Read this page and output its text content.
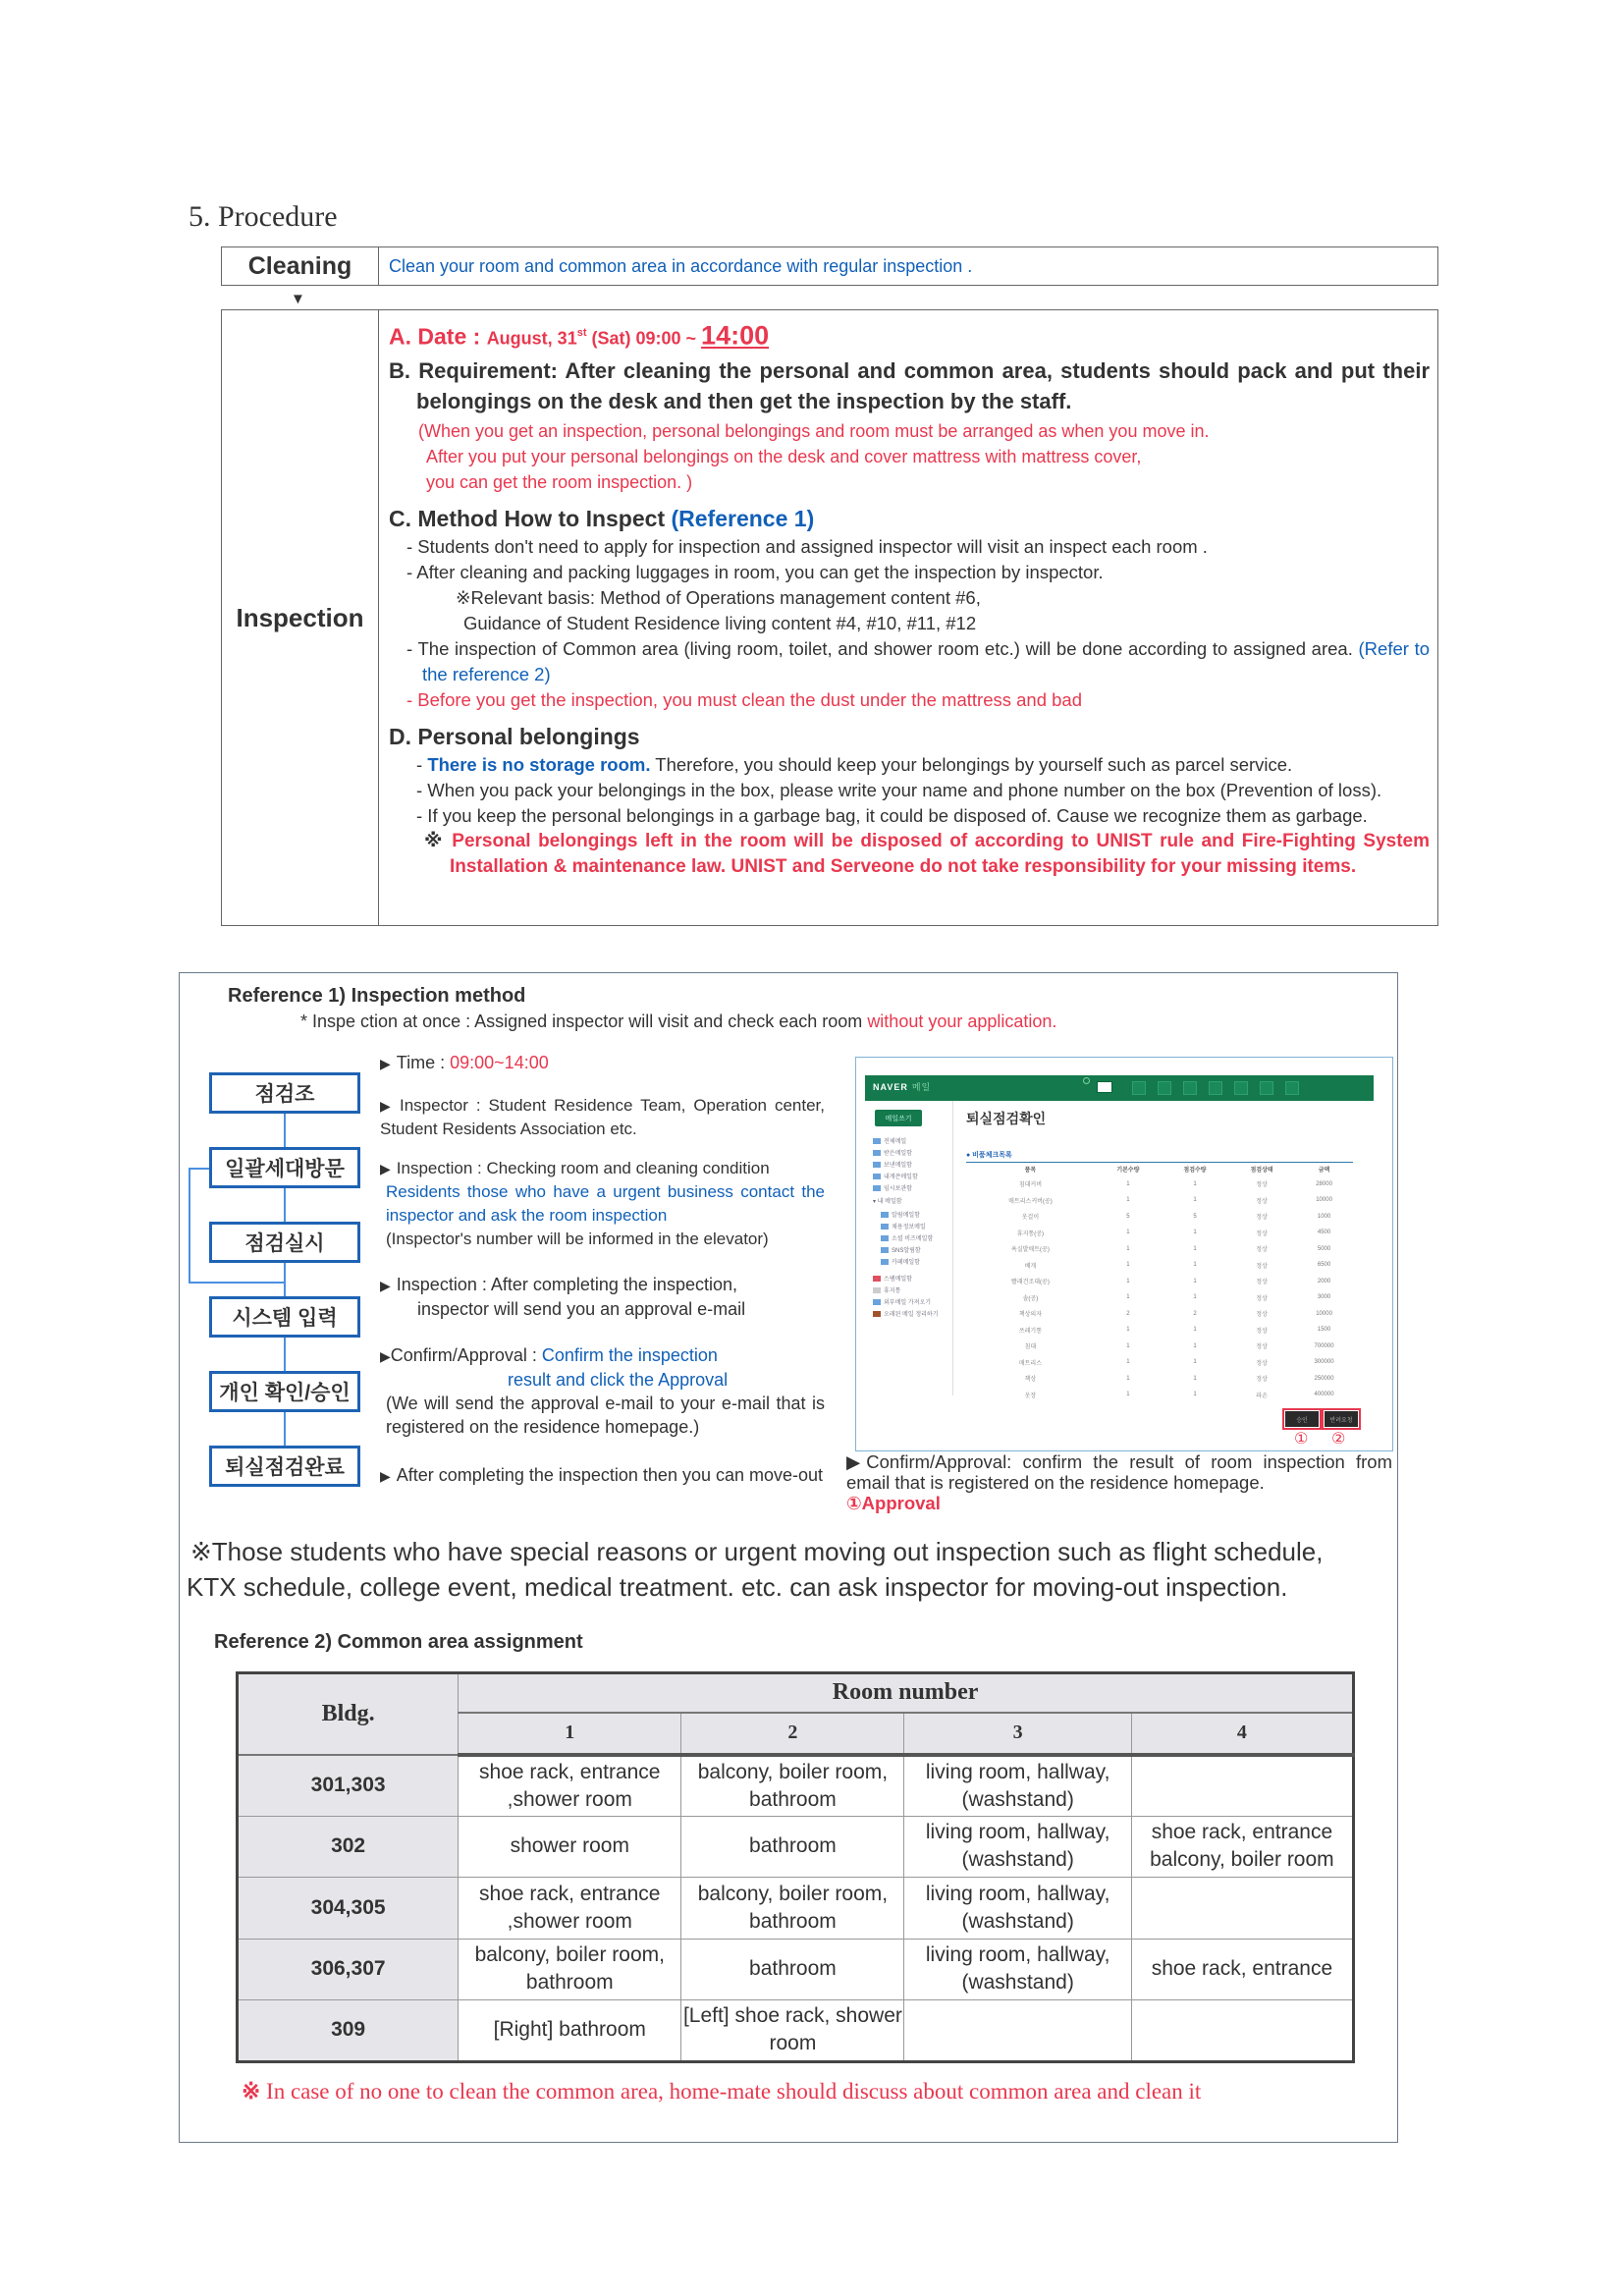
5. Procedure
Cleaning	Clean your room and common area in accordance with regular inspection .
▼
Inspection
A. Date : August, 31st (Sat) 09:00 ~ 14:00
B. Requirement: After cleaning the personal and common area, students should pack and put their belongings on the desk and then get the inspection by the staff.
(When you get an inspection, personal belongings and room must be arranged as when you move in.
After you put your personal belongings on the desk and cover mattress with mattress cover,
you can get the room inspection. )
C. Method How to Inspect (Reference 1)
- Students don't need to apply for inspection and assigned inspector will visit an inspect each room .
- After cleaning and packing luggages in room, you can get the inspection by inspector.
※Relevant basis: Method of Operations management content #6,
Guidance of Student Residence living content #4, #10, #11, #12
- The inspection of Common area (living room, toilet, and shower room etc.) will be done according to assigned area. (Refer to the reference 2)
- Before you get the inspection, you must clean the dust under the mattress and bad
D. Personal belongings
- There is no storage room. Therefore, you should keep your belongings by yourself such as parcel service.
- When you pack your belongings in the box, please write your name and phone number on the box (Prevention of loss).
- If you keep the personal belongings in a garbage bag, it could be disposed of. Cause we recognize them as garbage.
※ Personal belongings left in the room will be disposed of according to UNIST rule and Fire-Fighting System Installation & maintenance law. UNIST and Serveone do not take responsibility for your missing items.
Reference 1) Inspection method
* Inspe ction at once : Assigned inspector will visit and check each room without your application.
점검조
일괄세대방문
점검실시
시스템 입력
개인 확인/승인
퇴실점검완료
▶ Time : 09:00~14:00
▶ Inspector : Student Residence Team, Operation center, Student Residents Association etc.
▶ Inspection : Checking room and cleaning condition
Residents those who have a urgent business contact the inspector and ask the room inspection
(Inspector's number will be informed in the elevator)
▶ Inspection : After completing the inspection,
inspector will send you an approval e-mail
▶Confirm/Approval : Confirm the inspection
result and click the Approval
(We will send the approval e-mail to your e-mail that is registered on the residence homepage.)
▶ After completing the inspection then you can move-out
NAVER 메일
메일쓰기
전체메일
받은메일함
보낸메일함
내게쓴메일함
임시보관함
▾ 내 메일함
알림메일함
채용정보메일
소셜 비즈메일함
SNS알림함
카페메일함
스팸메일함
휴지통
외부메일 가져오기
오래된 메일 정리하기
퇴실점검확인
● 비품체크목록
품목	기본수량	점검수량	점검상태	금액
침대커버	1	1	정상	28000
매트리스커버(공)	1	1	정상	10000
옷걸이	5	5	정상	1000
휴지통(공)	1	1	정상	4500
욕실발매트(공)	1	1	정상	5000
베개	1	1	정상	6500
빨래건조대(공)	1	1	정상	2000
솔(공)	1	1	정상	3000
책상의자	2	2	정상	10000
쓰레기통	1	1	정상	1500
침대	1	1	정상	700000
매트리스	1	1	정상	300000
책상	1	1	정상	250000
옷장	1	1	파손	400000
승인	반려요청
① ②
▶Confirm/Approval: confirm the result of room inspection from email that is registered on the residence homepage.
①Approval
※Those students who have special reasons or urgent moving out inspection such as flight schedule,
KTX schedule, college event, medical treatment. etc. can ask inspector for moving-out inspection.
Reference 2) Common area assignment
Bldg.	Room number			
	1	2	3	4
301,303	shoe rack, entrance ,shower room	balcony, boiler room, bathroom	living room, hallway,(washstand)	
302	shower room	bathroom	living room, hallway,(washstand)	shoe rack, entrance balcony, boiler room
304,305	shoe rack, entrance ,shower room	balcony, boiler room, bathroom	living room, hallway,(washstand)	
306,307	balcony, boiler room, bathroom	bathroom	living room, hallway,(washstand)	shoe rack, entrance
309	[Right] bathroom	[Left] shoe rack, shower room		
※ In case of no one to clean the common area, home-mate should discuss about common area and clean it
